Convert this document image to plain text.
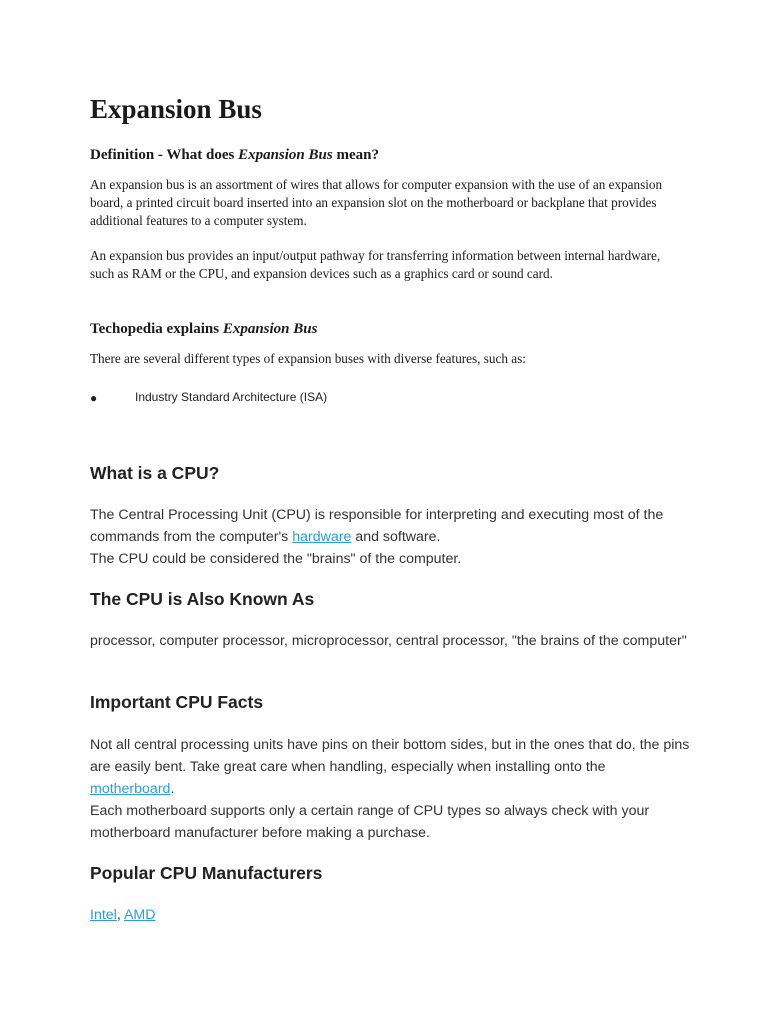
Expansion Bus
Definition - What does Expansion Bus mean?

An expansion bus is an assortment of wires that allows for computer expansion with the use of an expansion board, a printed circuit board inserted into an expansion slot on the motherboard or backplane that provides additional features to a computer system.

An expansion bus provides an input/output pathway for transferring information between internal hardware, such as RAM or the CPU, and expansion devices such as a graphics card or sound card.

Techopedia explains Expansion Bus

There are several different types of expansion buses with diverse features, such as:

●	Industry Standard Architecture (ISA)
What is a CPU?

The Central Processing Unit (CPU) is responsible for interpreting and executing most of the commands from the computer's hardware and software.
The CPU could be considered the "brains" of the computer.

The CPU is Also Known As

processor, computer processor, microprocessor, central processor, "the brains of the computer"

Important CPU Facts

Not all central processing units have pins on their bottom sides, but in the ones that do, the pins are easily bent. Take great care when handling, especially when installing onto the motherboard.
Each motherboard supports only a certain range of CPU types so always check with your motherboard manufacturer before making a purchase.

Popular CPU Manufacturers

Intel, AMD
